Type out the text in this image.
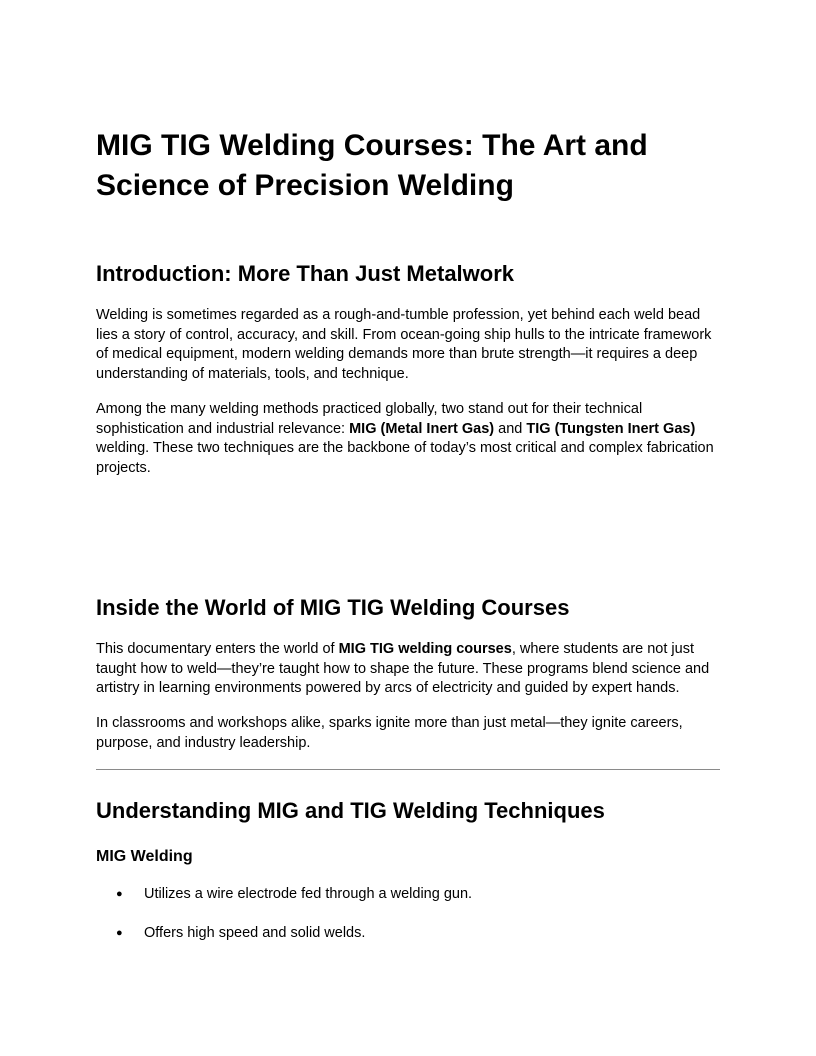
MIG TIG Welding Courses: The Art and Science of Precision Welding
Introduction: More Than Just Metalwork

Welding is sometimes regarded as a rough-and-tumble profession, yet behind each weld bead lies a story of control, accuracy, and skill. From ocean-going ship hulls to the intricate framework of medical equipment, modern welding demands more than brute strength—it requires a deep understanding of materials, tools, and technique.

Among the many welding methods practiced globally, two stand out for their technical sophistication and industrial relevance: MIG (Metal Inert Gas) and TIG (Tungsten Inert Gas) welding. These two techniques are the backbone of today’s most critical and complex fabrication projects.

Inside the World of MIG TIG Welding Courses

This documentary enters the world of MIG TIG welding courses, where students are not just taught how to weld—they’re taught how to shape the future. These programs blend science and artistry in learning environments powered by arcs of electricity and guided by expert hands.

In classrooms and workshops alike, sparks ignite more than just metal—they ignite careers, purpose, and industry leadership.

Understanding MIG and TIG Welding Techniques
MIG Welding
● Utilizes a wire electrode fed through a welding gun.
● Offers high speed and solid welds.
